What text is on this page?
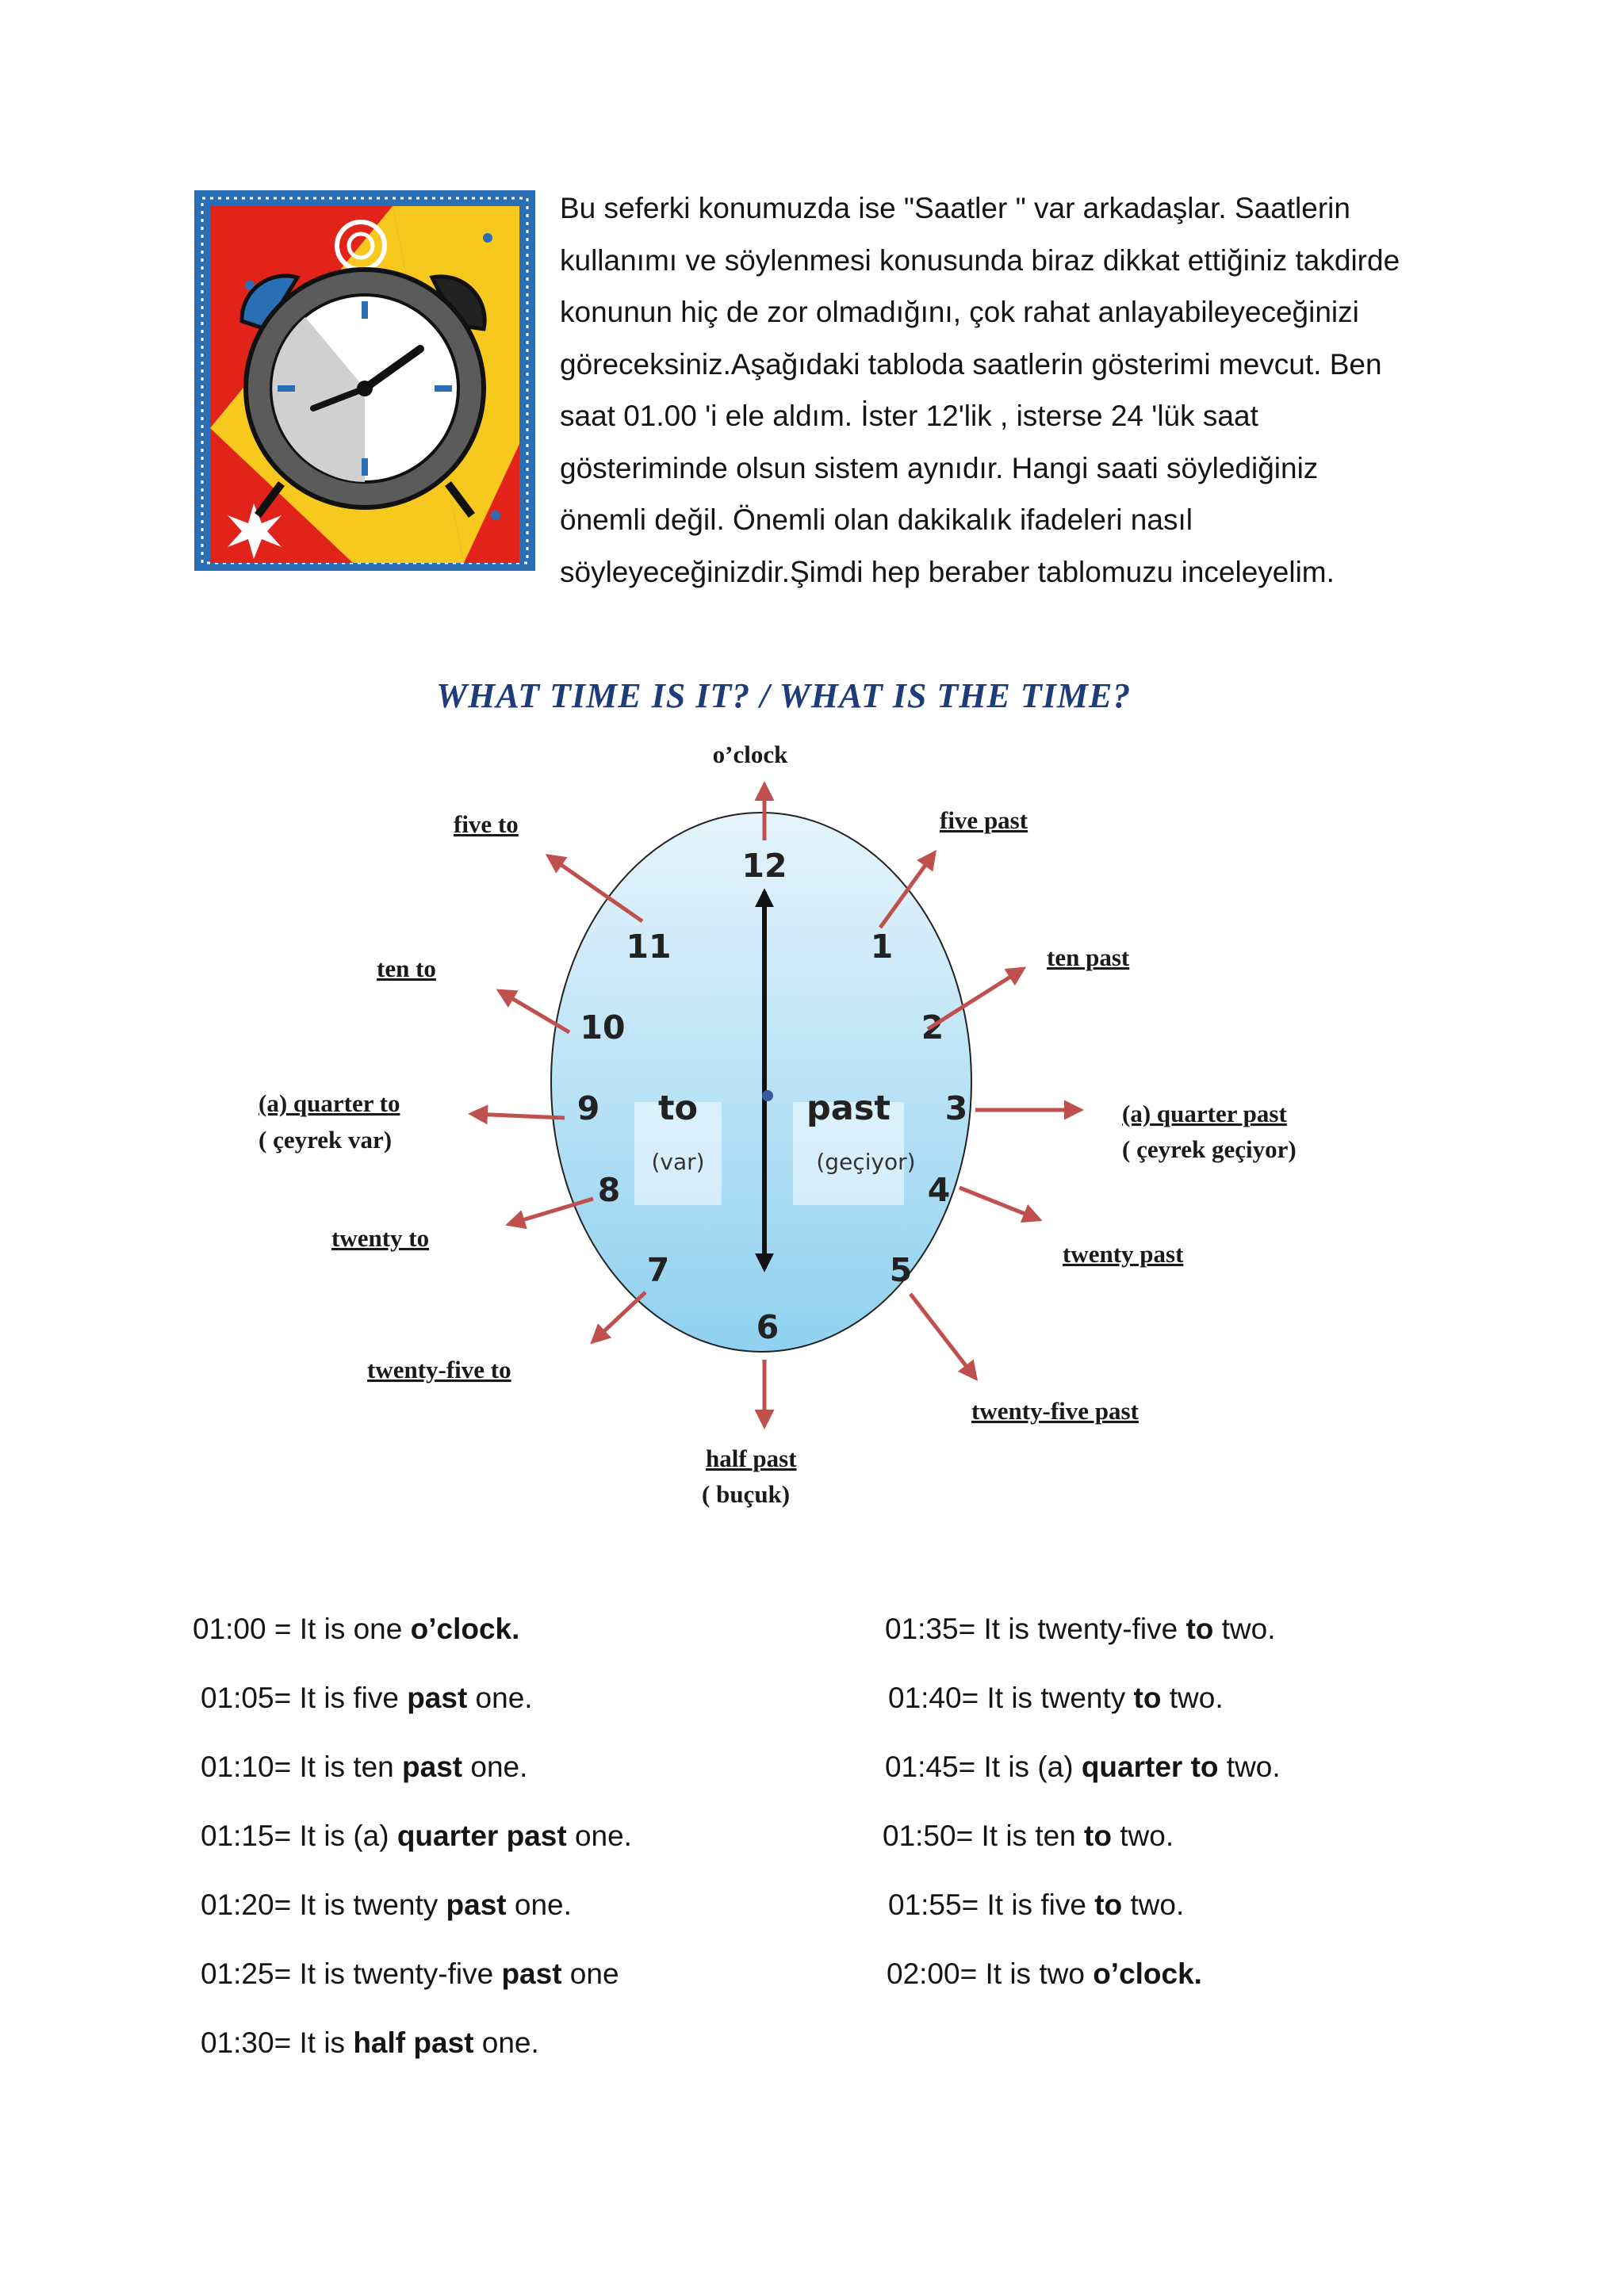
Bu seferki konumuzda ise "Saatler " var arkadaşlar. Saatlerin
kullanımı ve söylenmesi konusunda biraz dikkat ettiğiniz takdirde
konunun hiç de zor olmadığını, çok rahat anlayabileyeceğinizi
göreceksiniz.Aşağıdaki tabloda saatlerin gösterimi mevcut. Ben
saat 01.00 'i ele aldım. İster 12'lik , isterse 24 'lük saat
gösteriminde olsun sistem aynıdır. Hangi saati söylediğiniz
önemli değil. Önemli olan dakikalık ifadeleri nasıl
söyleyeceğinizdir.Şimdi hep beraber tablomuzu inceleyelim.
WHAT TIME IS IT? / WHAT IS THE TIME?
12
1
2
3
4
5
6
7
8
9
10
11
to
(var)
past
(geçiyor)
o’clock
five past
ten past
(a) quarter past
( çeyrek geçiyor)
twenty past
twenty-five past
half past
( buçuk)
twenty-five to
twenty to
(a) quarter to
( çeyrek var)
ten to
five to
01:00 = It is one o’clock.
01:05= It is five past one.
01:10= It is ten past one.
01:15= It is (a) quarter past one.
01:20= It is twenty past one.
01:25= It is twenty-five past one
01:30= It is half past one.
01:35= It is twenty-five to two.
01:40= It is twenty to two.
01:45= It is (a) quarter to two.
01:50= It is ten to two.
01:55= It is five to two.
02:00= It is two o’clock.
